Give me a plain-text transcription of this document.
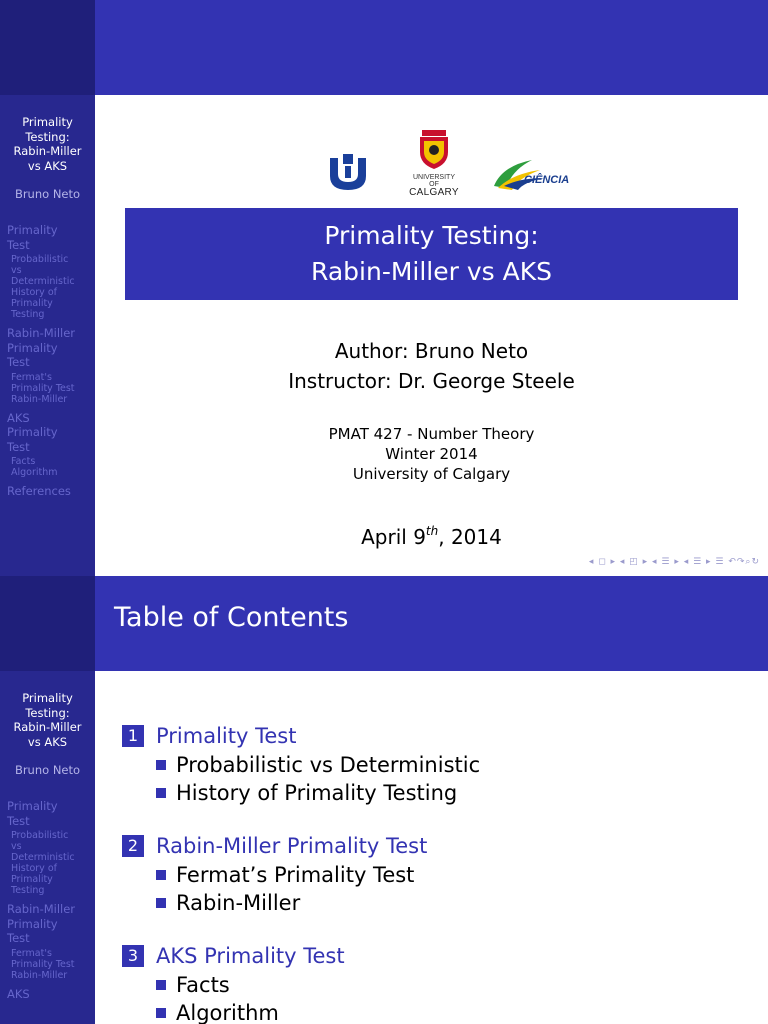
Primality
Testing:
Rabin-Miller
vs AKS
Bruno Neto
Primality
Test
Probabilistic
vs
Deterministic
History of
Primality
Testing
Rabin-Miller
Primality
Test
Fermat's
Primality Test
Rabin-Miller
AKS
Primality
Test
Facts
Algorithm
References
UNIVERSITY OF
CALGARY
CIÊNCIA
Primality Testing:
Rabin-Miller vs AKS
Author: Bruno Neto
Instructor: Dr. George Steele
PMAT 427 - Number Theory
Winter 2014
University of Calgary
April 9th, 2014
◂ ◻ ▸ ◂ ◰ ▸ ◂ ☰ ▸ ◂ ☰ ▸ ☰ ↶↷⌕↻
Table of Contents
Primality
Testing:
Rabin-Miller
vs AKS
Bruno Neto
Primality
Test
Probabilistic
vs
Deterministic
History of
Primality
Testing
Rabin-Miller
Primality
Test
Fermat's
Primality Test
Rabin-Miller
AKS
1 Primality Test
Probabilistic vs Deterministic
History of Primality Testing
2 Rabin-Miller Primality Test
Fermat’s Primality Test
Rabin-Miller
3 AKS Primality Test
Facts
Algorithm
